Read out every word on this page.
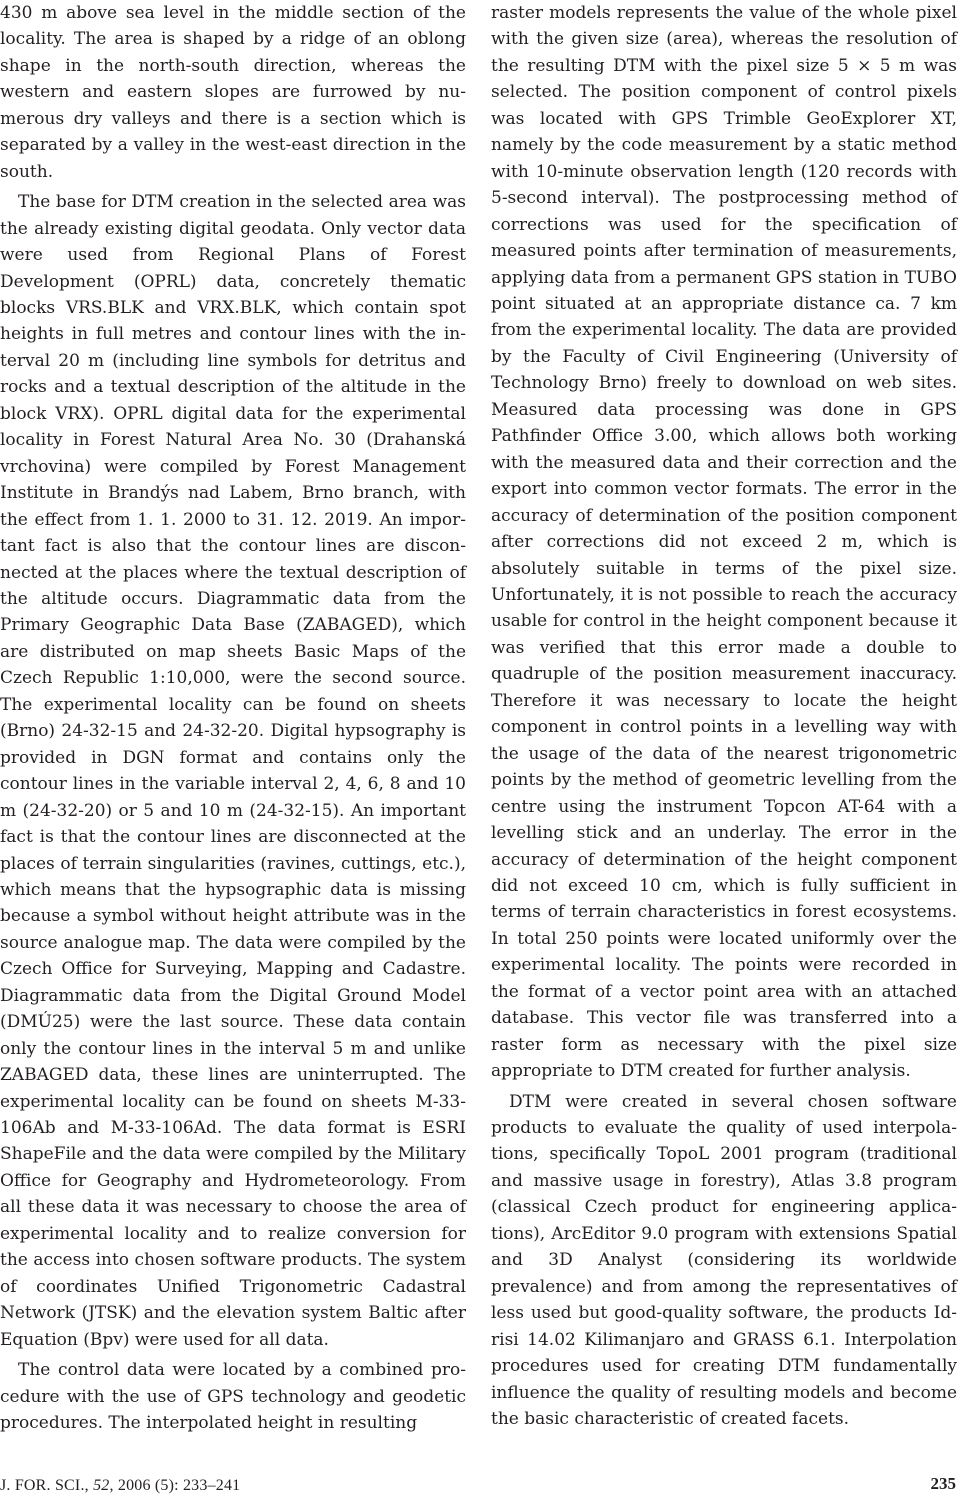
430 m above sea level in the middle section of the locality. The area is shaped by a ridge of an oblong shape in the north-south direction, whereas the western and eastern slopes are furrowed by numerous dry valleys and there is a section which is separated by a valley in the west-east direction in the south.

The base for DTM creation in the selected area was the already existing digital geodata. Only vector data were used from Regional Plans of Forest Development (OPRL) data, concretely thematic blocks VRS.BLK and VRX.BLK, which contain spot heights in full metres and contour lines with the interval 20 m (including line symbols for detritus and rocks and a textual description of the altitude in the block VRX). OPRL digital data for the experimental locality in Forest Natural Area No. 30 (Drahanská vrchovina) were compiled by Forest Management Institute in Brandýs nad Labem, Brno branch, with the effect from 1. 1. 2000 to 31. 12. 2019. An important fact is also that the contour lines are disconnected at the places where the textual description of the altitude occurs. Diagrammatic data from the Primary Geographic Data Base (ZABAGED), which are distributed on map sheets Basic Maps of the Czech Republic 1:10,000, were the second source. The experimental locality can be found on sheets (Brno) 24-32-15 and 24-32-20. Digital hypsography is provided in DGN format and contains only the contour lines in the variable interval 2, 4, 6, 8 and 10 m (24-32-20) or 5 and 10 m (24-32-15). An important fact is that the contour lines are disconnected at the places of terrain singularities (ravines, cuttings, etc.), which means that the hypsographic data is missing because a symbol without height attribute was in the source analogue map. The data were compiled by the Czech Office for Surveying, Mapping and Cadastre. Diagrammatic data from the Digital Ground Model (DMÚ25) were the last source. These data contain only the contour lines in the interval 5 m and unlike ZABAGED data, these lines are uninterrupted. The experimental locality can be found on sheets M-33-106Ab and M-33-106Ad. The data format is ESRI ShapeFile and the data were compiled by the Military Office for Geography and Hydrometeorology. From all these data it was necessary to choose the area of experimental locality and to realize conversion for the access into chosen software products. The system of coordinates Unified Trigonometric Cadastral Network (JTSK) and the elevation system Baltic after Equation (Bpv) were used for all data.

The control data were located by a combined procedure with the use of GPS technology and geodetic procedures. The interpolated height in resulting

raster models represents the value of the whole pixel with the given size (area), whereas the resolution of the resulting DTM with the pixel size 5 × 5 m was selected. The position component of control pixels was located with GPS Trimble GeoExplorer XT, namely by the code measurement by a static method with 10-minute observation length (120 records with 5-second interval). The postprocessing method of corrections was used for the specification of measured points after termination of measurements, applying data from a permanent GPS station in TUBO point situated at an appropriate distance ca. 7 km from the experimental locality. The data are provided by the Faculty of Civil Engineering (University of Technology Brno) freely to download on web sites. Measured data processing was done in GPS Pathfinder Office 3.00, which allows both working with the measured data and their correction and the export into common vector formats. The error in the accuracy of determination of the position component after corrections did not exceed 2 m, which is absolutely suitable in terms of the pixel size. Unfortunately, it is not possible to reach the accuracy usable for control in the height component because it was verified that this error made a double to quadruple of the position measurement inaccuracy. Therefore it was necessary to locate the height component in control points in a levelling way with the usage of the data of the nearest trigonometric points by the method of geometric levelling from the centre using the instrument Topcon AT-64 with a levelling stick and an underlay. The error in the accuracy of determination of the height component did not exceed 10 cm, which is fully sufficient in terms of terrain characteristics in forest ecosystems. In total 250 points were located uniformly over the experimental locality. The points were recorded in the format of a vector point area with an attached database. This vector file was transferred into a raster form as necessary with the pixel size appropriate to DTM created for further analysis.

DTM were created in several chosen software products to evaluate the quality of used interpolations, specifically TopoL 2001 program (traditional and massive usage in forestry), Atlas 3.8 program (classical Czech product for engineering applications), ArcEditor 9.0 program with extensions Spatial and 3D Analyst (considering its worldwide prevalence) and from among the representatives of less used but good-quality software, the products Idrisi 14.02 Kilimanjaro and GRASS 6.1. Interpolation procedures used for creating DTM fundamentally influence the quality of resulting models and become the basic characteristic of created facets.

J. FOR. SCI., 52, 2006 (5): 233–241	235
